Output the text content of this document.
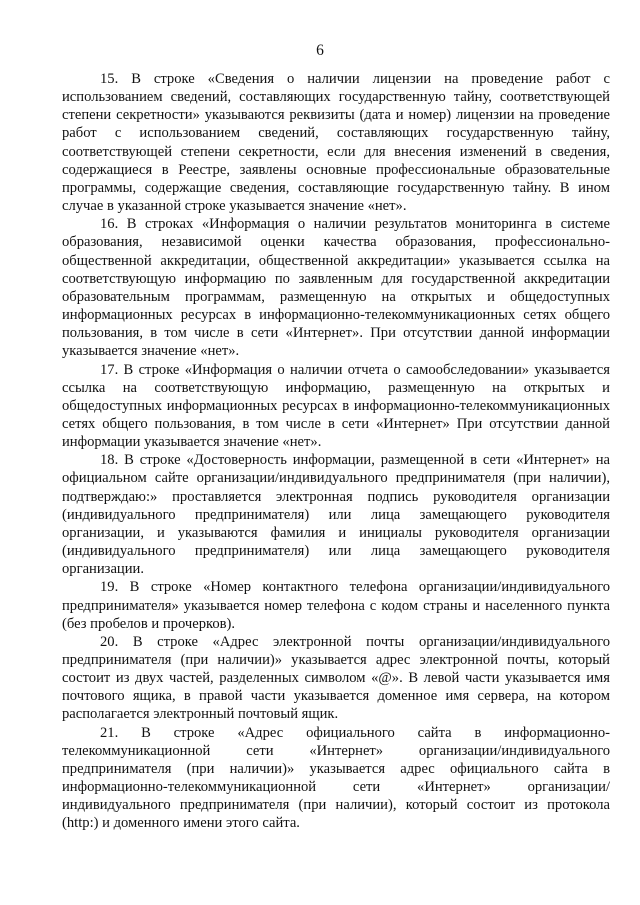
6

15. В строке «Сведения о наличии лицензии на проведение работ с использованием сведений, составляющих государственную тайну, соответствующей степени секретности» указываются реквизиты (дата и номер) лицензии на проведение работ с использованием сведений, составляющих государственную тайну, соответствующей степени секретности, если для внесения изменений в сведения, содержащиеся в Реестре, заявлены основные профессиональные образовательные программы, содержащие сведения, составляющие государственную тайну. В ином случае в указанной строке указывается значение «нет».

16. В строках «Информация о наличии результатов мониторинга в системе образования, независимой оценки качества образования, профессионально-общественной аккредитации, общественной аккредитации» указывается ссылка на соответствующую информацию по заявленным для государственной аккредитации образовательным программам, размещенную на открытых и общедоступных информационных ресурсах в информационно-телекоммуникационных сетях общего пользования, в том числе в сети «Интернет». При отсутствии данной информации указывается значение «нет».

17. В строке «Информация о наличии отчета о самообследовании» указывается ссылка на соответствующую информацию, размещенную на открытых и общедоступных информационных ресурсах в информационно-телекоммуникационных сетях общего пользования, в том числе в сети «Интернет» При отсутствии данной информации указывается значение «нет».

18. В строке «Достоверность информации, размещенной в сети «Интернет» на официальном сайте организации/индивидуального предпринимателя (при наличии), подтверждаю:» проставляется электронная подпись руководителя организации (индивидуального предпринимателя) или лица замещающего руководителя организации, и указываются фамилия и инициалы руководителя организации (индивидуального предпринимателя) или лица замещающего руководителя организации.

19. В строке «Номер контактного телефона организации/индивидуального предпринимателя» указывается номер телефона с кодом страны и населенного пункта (без пробелов и прочерков).

20. В строке «Адрес электронной почты организации/индивидуального предпринимателя (при наличии)» указывается адрес электронной почты, который состоит из двух частей, разделенных символом «@». В левой части указывается имя почтового ящика, в правой части указывается доменное имя сервера, на котором располагается электронный почтовый ящик.

21. В строке «Адрес официального сайта в информационно-телекоммуникационной сети «Интернет» организации/индивидуального предпринимателя (при наличии)» указывается адрес официального сайта в информационно-телекоммуникационной сети «Интернет» организации/индивидуального предпринимателя (при наличии), который состоит из протокола (http:) и доменного имени этого сайта.
